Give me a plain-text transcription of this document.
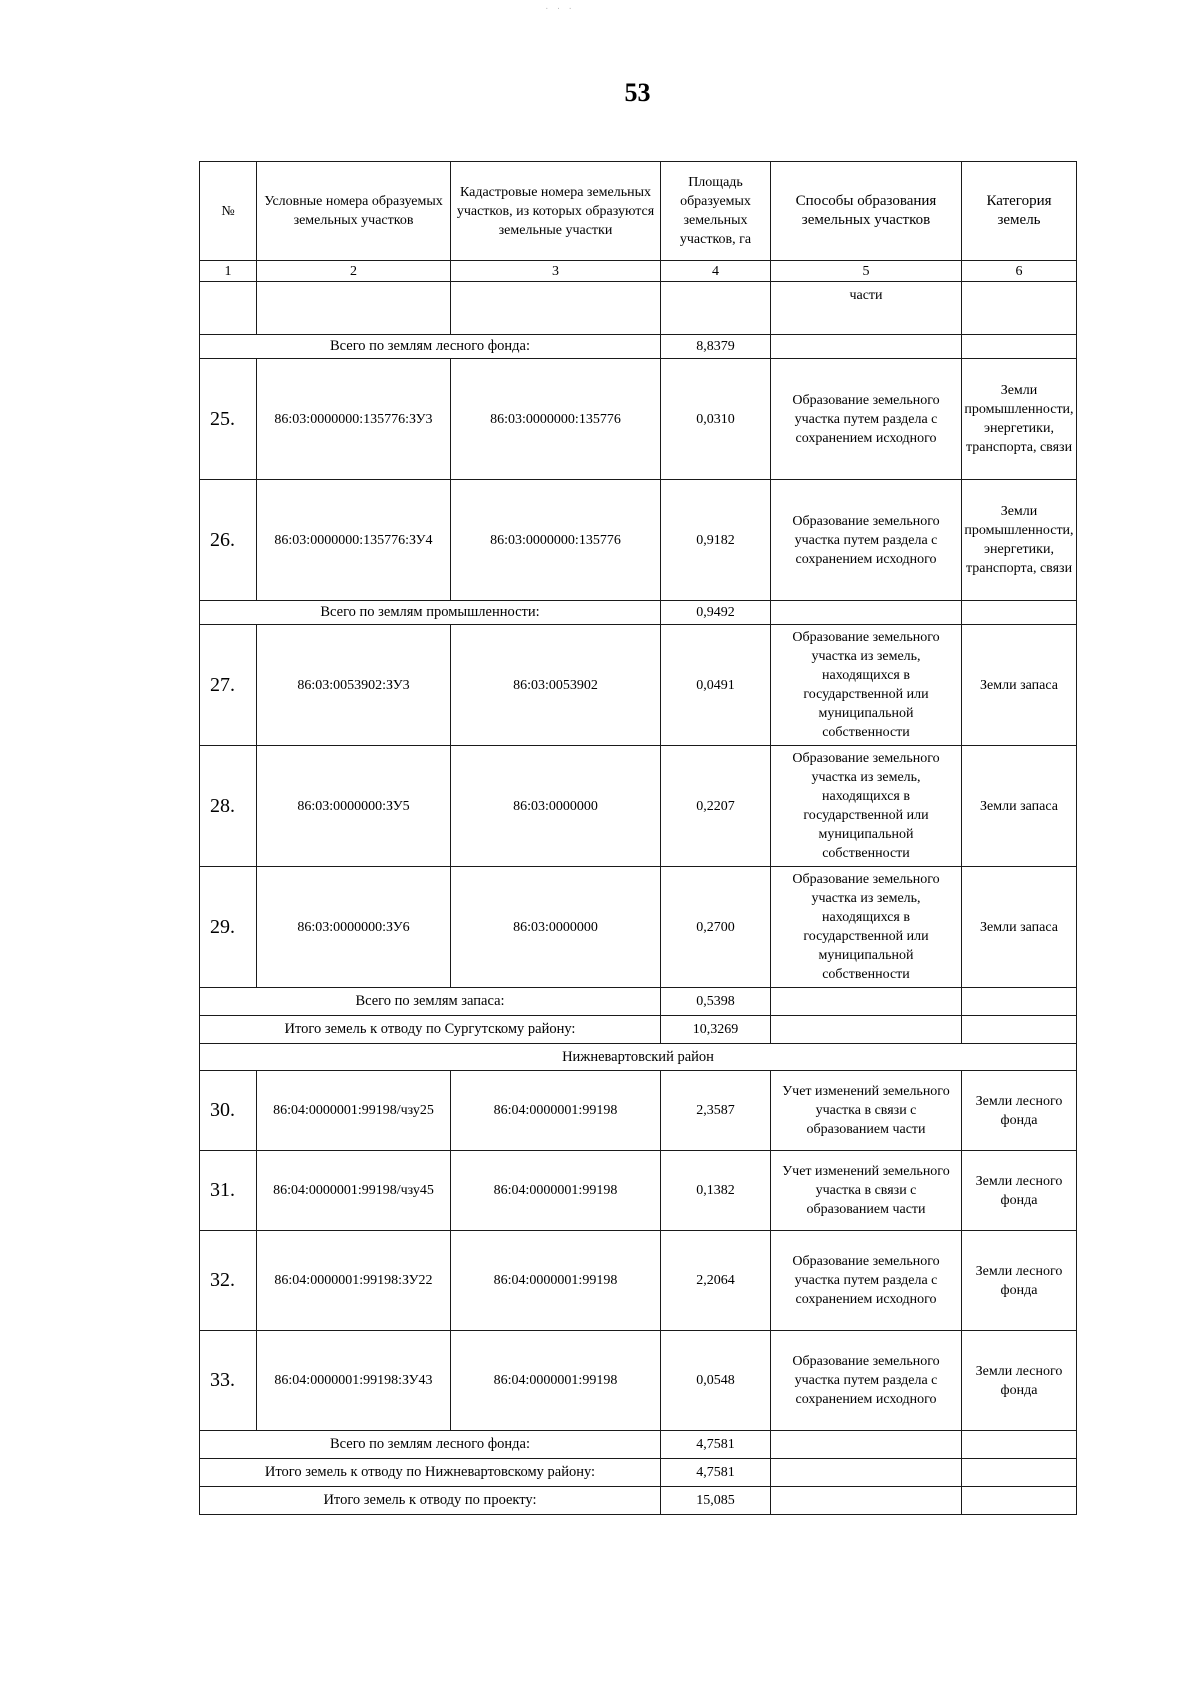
. . .
53
№	Условные номера образуемых земельных участков	Кадастровые номера земельных участков, из которых образуются земельные участки	Площадь образуемых земельных участков, га	Способы образования земельных участков	Категория земель
1	2	3	4	5	6
				части	
Всего по землям лесного фонда:			8,8379		
25.	86:03:0000000:135776:ЗУ3	86:03:0000000:135776	0,0310	Образование земельного участка путем раздела с сохранением исходного	Земли промышленности, энергетики, транспорта, связи
26.	86:03:0000000:135776:ЗУ4	86:03:0000000:135776	0,9182	Образование земельного участка путем раздела с сохранением исходного	Земли промышленности, энергетики, транспорта, связи
Всего по землям промышленности:			0,9492		
27.	86:03:0053902:ЗУ3	86:03:0053902	0,0491	Образование земельного участка из земель, находящихся в государственной или муниципальной собственности	Земли запаса
28.	86:03:0000000:ЗУ5	86:03:0000000	0,2207	Образование земельного участка из земель, находящихся в государственной или муниципальной собственности	Земли запаса
29.	86:03:0000000:ЗУ6	86:03:0000000	0,2700	Образование земельного участка из земель, находящихся в государственной или муниципальной собственности	Земли запаса
Всего по землям запаса:			0,5398		
Итого земель к отводу по Сургутскому району:			10,3269		
Нижневартовский район					
30.	86:04:0000001:99198/чзу25	86:04:0000001:99198	2,3587	Учет изменений земельного участка в связи с образованием части	Земли лесного фонда
31.	86:04:0000001:99198/чзу45	86:04:0000001:99198	0,1382	Учет изменений земельного участка в связи с образованием части	Земли лесного фонда
32.	86:04:0000001:99198:ЗУ22	86:04:0000001:99198	2,2064	Образование земельного участка путем раздела с сохранением исходного	Земли лесного фонда
33.	86:04:0000001:99198:ЗУ43	86:04:0000001:99198	0,0548	Образование земельного участка путем раздела с сохранением исходного	Земли лесного фонда
Всего по землям лесного фонда:			4,7581		
Итого земель к отводу по Нижневартовскому району:			4,7581		
Итого земель к отводу по проекту:			15,085		
